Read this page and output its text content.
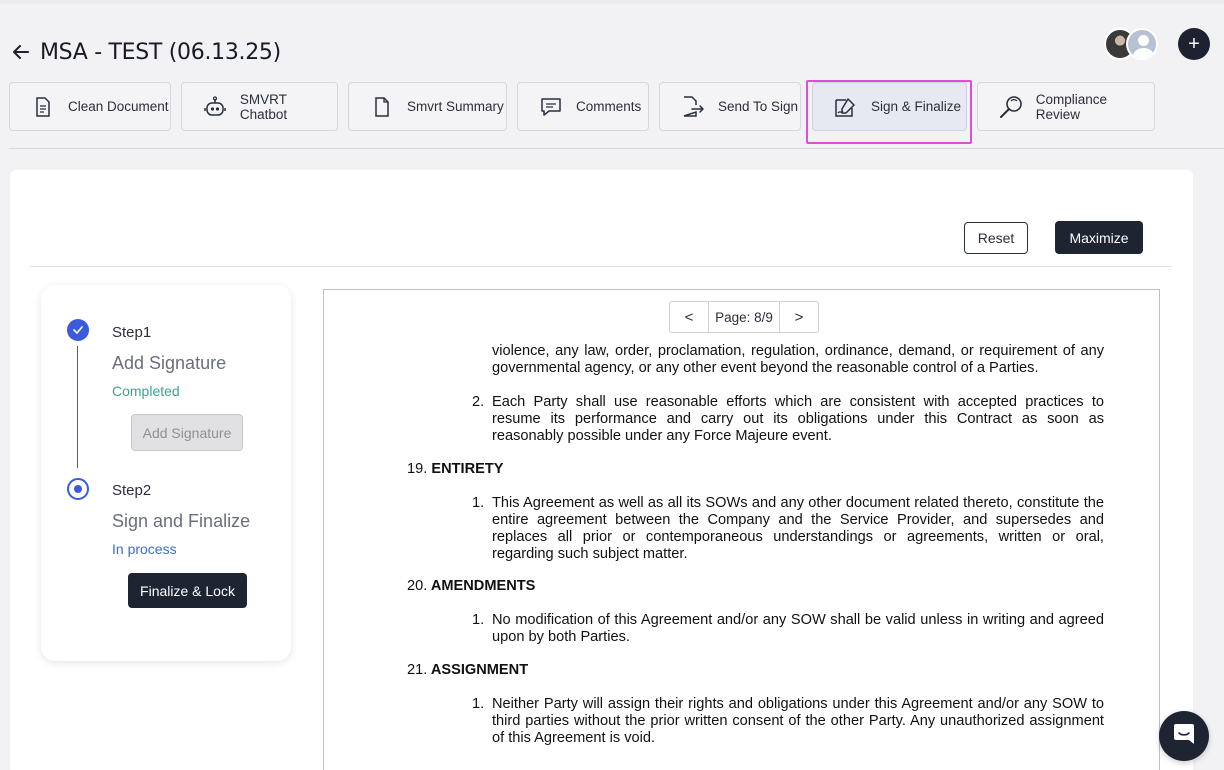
MSA - TEST (06.13.25)	+
Clean Document	SMVRT Chatbot	Smvrt Summary	Comments	Send To Sign	Sign & Finalize	Compliance Review
Reset	Maximize
Step1
Add Signature
Completed
Add Signature
Step2
Sign and Finalize
In process
Finalize & Lock
violence, any law, order, proclamation, regulation, ordinance, demand, or requirement of any governmental agency, or any other event beyond the reasonable control of a Parties.
2. Each Party shall use reasonable efforts which are consistent with accepted practices to resume its performance and carry out its obligations under this Contract as soon as reasonably possible under any Force Majeure event.
19. ENTIRETY
1. This Agreement as well as all its SOWs and any other document related thereto, constitute the entire agreement between the Company and the Service Provider, and supersedes and replaces all prior or contemporaneous understandings or agreements, written or oral, regarding such subject matter.
20. AMENDMENTS
1. No modification of this Agreement and/or any SOW shall be valid unless in writing and agreed upon by both Parties.
21. ASSIGNMENT
1. Neither Party will assign their rights and obligations under this Agreement and/or any SOW to third parties without the prior written consent of the other Party. Any unauthorized assignment of this Agreement is void.
<	Page: 8/9	>
